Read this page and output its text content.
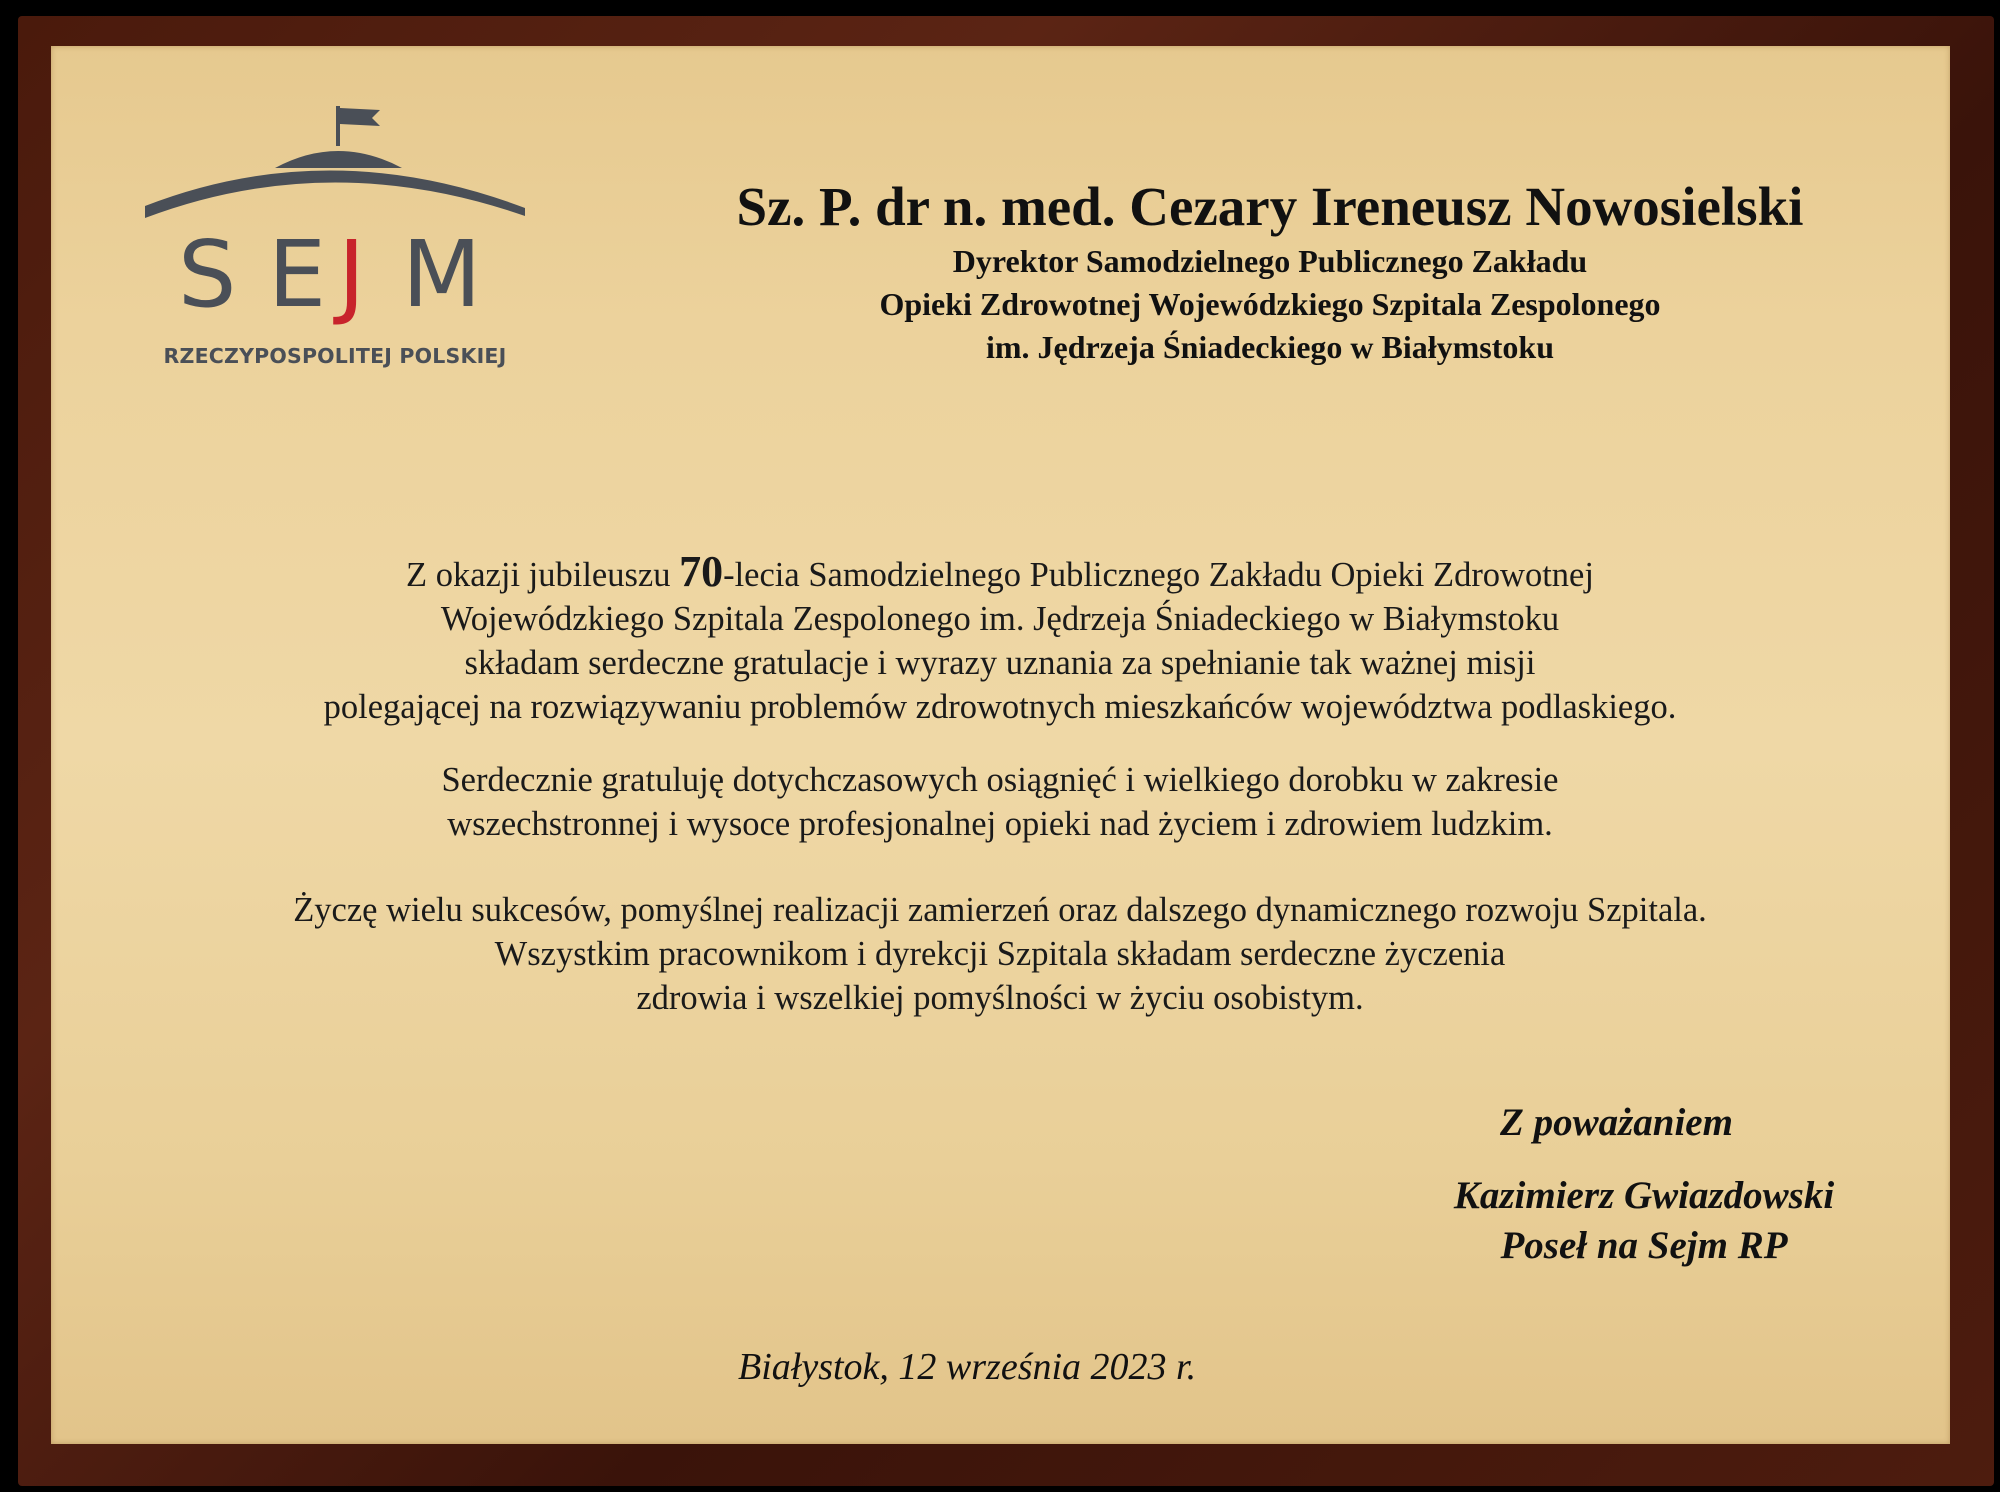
S E J M
RZECZYPOSPOLITEJ POLSKIEJ
Sz. P. dr n. med. Cezary Ireneusz Nowosielski
Dyrektor Samodzielnego Publicznego Zakładu
Opieki Zdrowotnej Wojewódzkiego Szpitala Zespolonego
im. Jędrzeja Śniadeckiego w Białymstoku
Z okazji jubileuszu 70-lecia Samodzielnego Publicznego Zakładu Opieki Zdrowotnej
Wojewódzkiego Szpitala Zespolonego im. Jędrzeja Śniadeckiego w Białymstoku
składam serdeczne gratulacje i wyrazy uznania za spełnianie tak ważnej misji
polegającej na rozwiązywaniu problemów zdrowotnych mieszkańców województwa podlaskiego.
Serdecznie gratuluję dotychczasowych osiągnięć i wielkiego dorobku w zakresie
wszechstronnej i wysoce profesjonalnej opieki nad życiem i zdrowiem ludzkim.
Życzę wielu sukcesów, pomyślnej realizacji zamierzeń oraz dalszego dynamicznego rozwoju Szpitala.
Wszystkim pracownikom i dyrekcji Szpitala składam serdeczne życzenia
zdrowia i wszelkiej pomyślności w życiu osobistym.
Z poważaniem
Kazimierz Gwiazdowski
Poseł na Sejm RP
Białystok, 12 września 2023 r.
